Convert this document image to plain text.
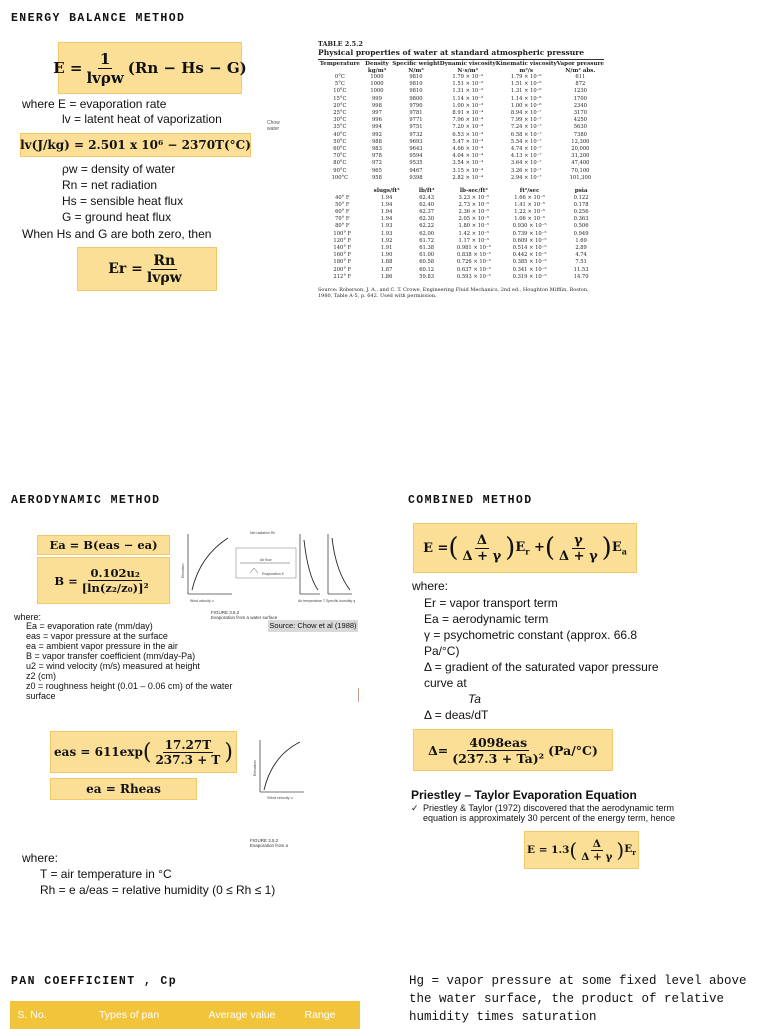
ENERGY BALANCE METHOD
$E = \frac{1}{\text{lvρw}} (Rn - Hs - G)$
where E = evaporation rate
lv = latent heat of vaporization	Chow
water
lv(J/kg) = 2.501 x 10⁶ − 2370T(°C)
ρw = density of water
Rn = net radiation
Hs = sensible heat flux
G = ground heat flux
When Hs and G are both zero, then
$Er = \frac{Rn}{\text{lvρw}}$
TABLE 2.5.2
Physical properties of water at standard atmospheric pressure
Temperature	Density	Specific weight	Dynamic viscosity	Kinematic viscosity	Vapor pressure
	kg/m³	N/m³	N·s/m²	m²/s	N/m² abs.
0°C	1000	9810	1.79 × 10⁻³	1.79 × 10⁻⁶	611
5°C	1000	9810	1.51 × 10⁻³	1.51 × 10⁻⁶	872
10°C	1000	9810	1.31 × 10⁻³	1.31 × 10⁻⁶	1230
15°C	999	9800	1.14 × 10⁻³	1.14 × 10⁻⁶	1700
20°C	998	9790	1.00 × 10⁻³	1.00 × 10⁻⁶	2340
25°C	997	9781	8.91 × 10⁻⁴	8.94 × 10⁻⁷	3170
30°C	996	9771	7.96 × 10⁻⁴	7.99 × 10⁻⁷	4250
35°C	994	9751	7.20 × 10⁻⁴	7.24 × 10⁻⁷	5630
40°C	992	9732	6.53 × 10⁻⁴	6.58 × 10⁻⁷	7380
50°C	988	9693	5.47 × 10⁻⁴	5.54 × 10⁻⁷	12,300
60°C	983	9643	4.66 × 10⁻⁴	4.74 × 10⁻⁷	20,000
70°C	978	9594	4.04 × 10⁻⁴	4.13 × 10⁻⁷	31,200
80°C	972	9535	3.54 × 10⁻⁴	3.64 × 10⁻⁷	47,400
90°C	965	9467	3.15 × 10⁻⁴	3.26 × 10⁻⁷	70,100
100°C	958	9398	2.82 × 10⁻⁴	2.94 × 10⁻⁷	101,300
	slugs/ft³	lb/ft³	lb-sec/ft²	ft²/sec	psia
40° F	1.94	62.43	3.23 × 10⁻⁵	1.66 × 10⁻⁵	0.122
50° F	1.94	62.40	2.73 × 10⁻⁵	1.41 × 10⁻⁵	0.178
60° F	1.94	62.37	2.36 × 10⁻⁵	1.22 × 10⁻⁵	0.256
70° F	1.94	62.30	2.05 × 10⁻⁵	1.06 × 10⁻⁵	0.363
80° F	1.93	62.22	1.80 × 10⁻⁵	0.930 × 10⁻⁵	0.506
100° F	1.93	62.00	1.42 × 10⁻⁵	0.739 × 10⁻⁵	0.949
120° F	1.92	61.72	1.17 × 10⁻⁵	0.609 × 10⁻⁵	1.69
140° F	1.91	61.38	0.981 × 10⁻⁵	0.514 × 10⁻⁵	2.89
160° F	1.90	61.00	0.838 × 10⁻⁵	0.442 × 10⁻⁵	4.74
180° F	1.88	60.58	0.726 × 10⁻⁵	0.385 × 10⁻⁵	7.51
200° F	1.87	60.12	0.637 × 10⁻⁵	0.341 × 10⁻⁵	11.53
212° F	1.86	59.83	0.593 × 10⁻⁵	0.319 × 10⁻⁵	14.70
Source: Roberson, J. A., and C. T. Crowe, Engineering Fluid Mechanics, 2nd ed., Houghton Mifflin, Boston, 1980, Table A-5, p. 642. Used with permission.
AERODYNAMIC METHOD
Ea = B(eas − ea)
$B = \frac{\text{0.102u₂}}{\text{[ln(z₂/z₀)]²}}$
Net radiation Rn
Air flow
Evaporation E
Wind velocity u	Air temperature T Specific humidity q
Elevation
FIGURE 3.5.2
Evaporation from a water surface
Source: Chow et al (1988)
where:
Ea = evaporation rate (mm/day)
eas = vapor pressure at the surface
ea = ambient vapor pressure in the air
B = vapor transfer coefficient (mm/day-Pa)
u2 = wind velocity (m/s) measured at height
z2 (cm)
z0 = roughness height (0.01 – 0.06 cm) of the water
surface
eas = 611exp ( $\frac{17.27T}{237.3 + T}$ )
ea = Rheas
Wind velocity u
Elevation
FIGURE 3.5.2
Evaporation from a
where:
T = air temperature in °C
Rh = e a/eas = relative humidity (0 ≤ Rh ≤ 1)
COMBINED METHOD
E = ( $\frac{\Delta}{\Delta + \gamma}$ ) $E_r$ + ( $\frac{\gamma}{\Delta + \gamma}$ ) $E_a$
where:
Er = vapor transport term
Ea = aerodynamic term
γ = psychometric constant (approx. 66.8
Pa/°C)
Δ = gradient of the saturated vapor pressure
curve at
Ta
Δ = deas/dT
$\Delta= \frac{\text{4098eas}}{\text{(237.3 + Ta)²}} (Pa/^\circ C)$
Priestley – Taylor Evaporation Equation
✓ Priestley & Taylor (1972) discovered that the aerodynamic term equation is approximately 30 percent of the energy term, hence
E = 1.3 ( $\frac{\Delta}{\Delta + \gamma}$ ) $E_r$
PAN COEFFICIENT , Cp
S. No.	Types of pan	Average value	Range
Hg = vapor pressure at some fixed level above the water surface, the product of relative humidity times saturation
